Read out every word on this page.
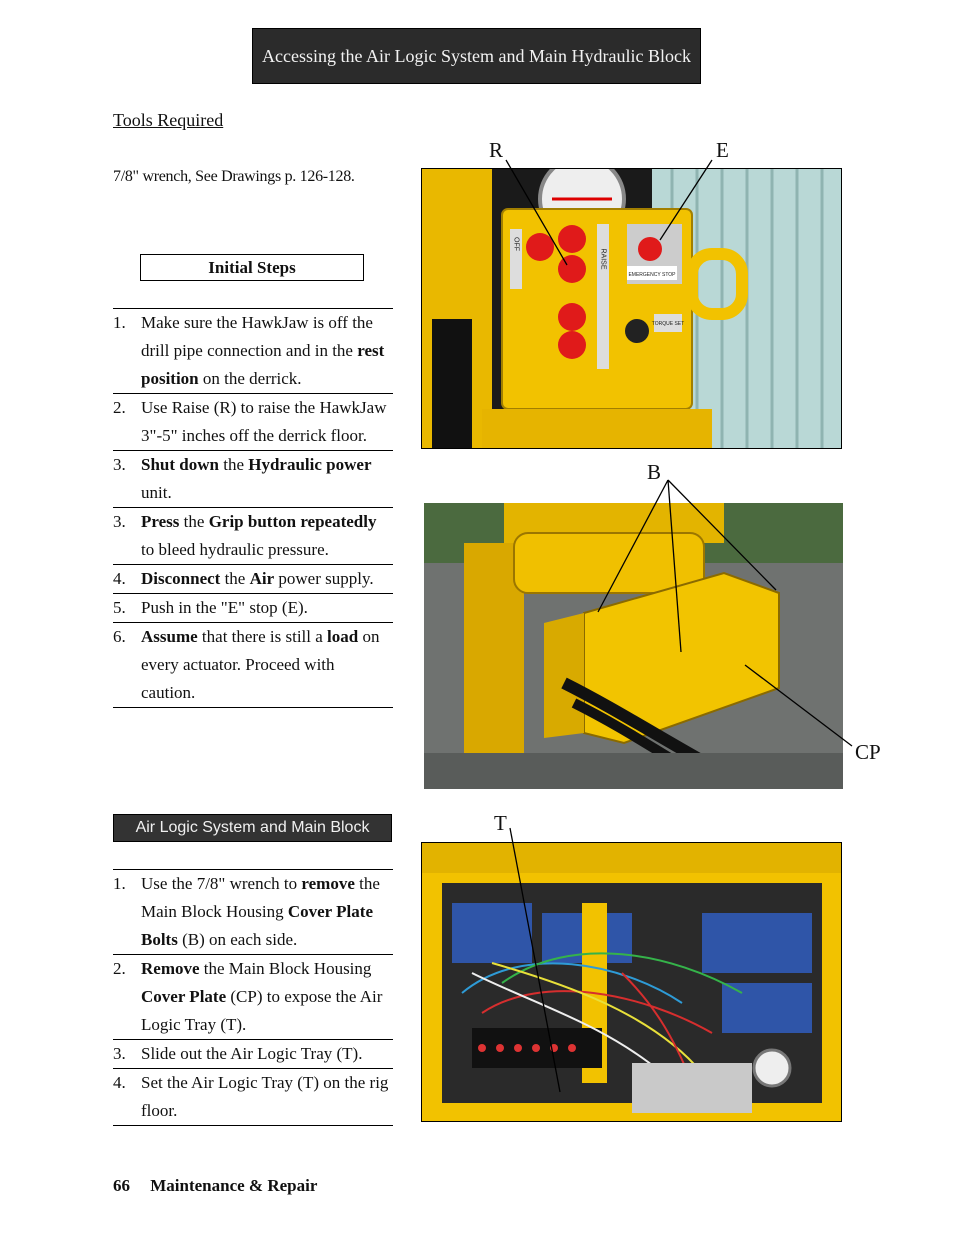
Accessing the Air Logic System and Main Hydraulic Block
Tools Required
7/8" wrench, See Drawings p. 126-128.
Initial Steps
1. Make sure the HawkJaw is off the drill pipe connection and in the rest position on the derrick.
2. Use Raise (R) to raise the HawkJaw 3"-5" inches off the derrick floor.
3. Shut down the Hydraulic power unit.
3. Press the Grip button repeatedly to bleed hydraulic pressure.
4. Disconnect the Air power supply.
5. Push in the "E" stop (E).
6. Assume that there is still a load on every actuator. Proceed with caution.
Air Logic System and Main Block
1. Use the 7/8" wrench to remove the Main Block Housing Cover Plate Bolts (B) on each side.
2. Remove the Main Block Housing Cover Plate (CP) to expose the Air Logic Tray (T).
3. Slide out the Air Logic Tray (T).
4. Set the Air Logic Tray (T) on the rig floor.
66 Maintenance & Repair
OFF
RAISE
EMERGENCY STOP
TORQUE SET
R	E
B
CP
T
